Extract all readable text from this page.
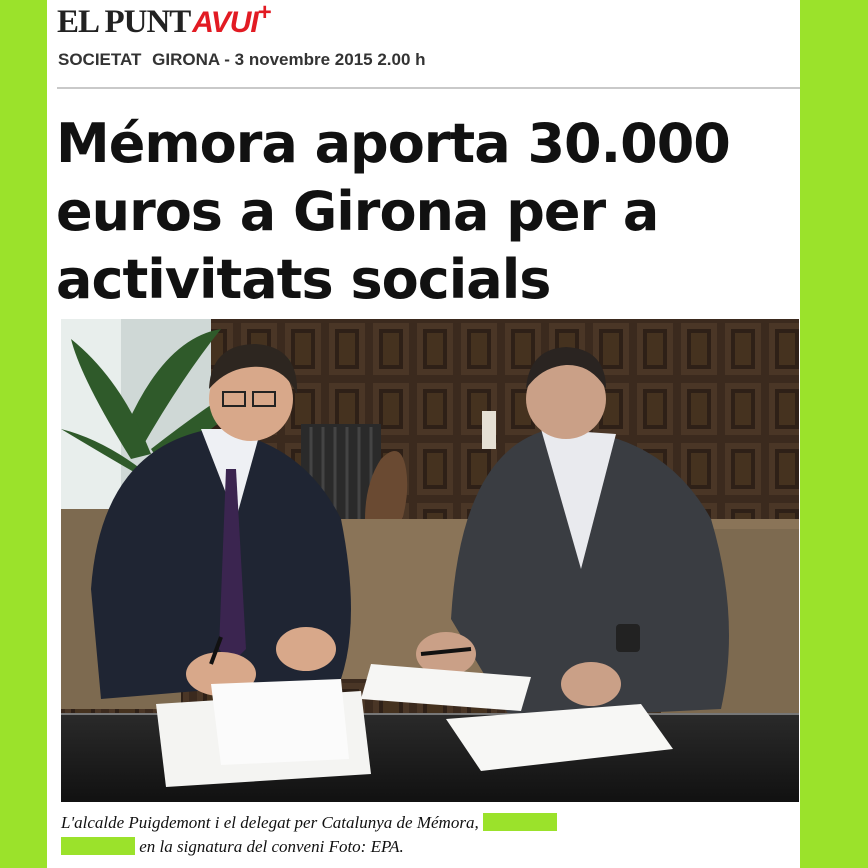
EL PUNT AVUI +
SOCIETAT GIRONA - 3 novembre 2015 2.00 h
Mémora aporta 30.000
euros a Girona per a
activitats socials
L'alcalde Puigdemont i el delegat per Catalunya de Mémora,
en la signatura del conveni Foto: EPA.
